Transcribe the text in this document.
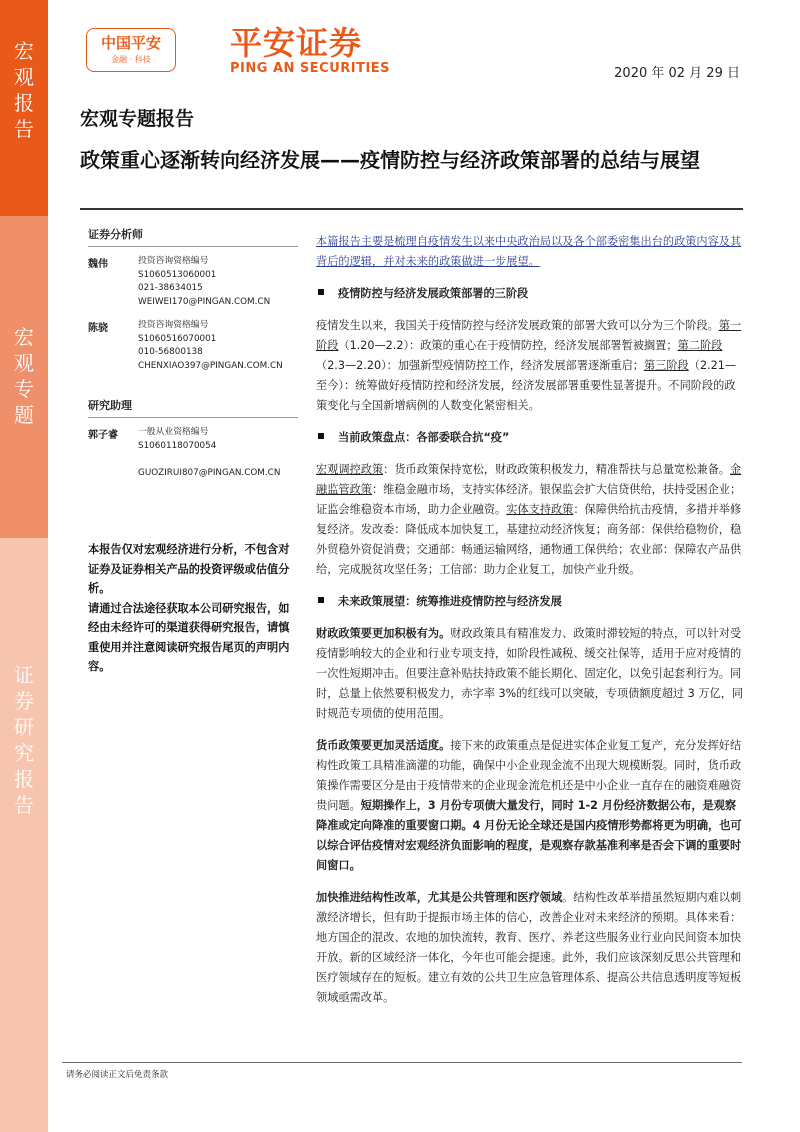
宏观报告
宏观专题
证券研究报告
中国平安
金融 · 科技	平安证券
PING AN SECURITIES	2020 年 02 月 29 日
宏观专题报告
政策重心逐渐转向经济发展——疫情防控与经济政策部署的总结与展望
证券分析师
魏伟	投资咨询资格编号
S1060513060001
021-38634015
WEIWEI170@PINGAN.COM.CN
陈骁	投资咨询资格编号
S1060516070001
010-56800138
CHENXIAO397@PINGAN.COM.CN
研究助理
郭子睿	一般从业资格编号
S1060118070054
GUOZIRUI807@PINGAN.COM.CN
本报告仅对宏观经济进行分析，不包含对证券及证券相关产品的投资评级或估值分析。
请通过合法途径获取本公司研究报告，如经由未经许可的渠道获得研究报告，请慎重使用并注意阅读研究报告尾页的声明内容。

本篇报告主要是梳理自疫情发生以来中央政治局以及各个部委密集出台的政策内容及其背后的逻辑，并对未来的政策做进一步展望。

疫情防控与经济发展政策部署的三阶段

疫情发生以来，我国关于疫情防控与经济发展政策的部署大致可以分为三个阶段。第一阶段（1.20—2.2）：政策的重心在于疫情防控，经济发展部署暂被搁置；第二阶段（2.3—2.20）：加强新型疫情防控工作，经济发展部署逐渐重启；第三阶段（2.21—至今）：统筹做好疫情防控和经济发展，经济发展部署重要性显著提升。不同阶段的政策变化与全国新增病例的人数变化紧密相关。

当前政策盘点：各部委联合抗“疫”

宏观调控政策：货币政策保持宽松，财政政策积极发力，精准帮扶与总量宽松兼备。金融监管政策：维稳金融市场，支持实体经济。银保监会扩大信贷供给，扶持受困企业；证监会维稳资本市场，助力企业融资。实体支持政策：保障供给抗击疫情，多措并举修复经济。发改委：降低成本加快复工，基建拉动经济恢复；商务部：保供给稳物价，稳外贸稳外资促消费；交通部：畅通运输网络，通物通工保供给；农业部：保障农产品供给，完成脱贫攻坚任务；工信部：助力企业复工，加快产业升级。

未来政策展望：统筹推进疫情防控与经济发展

财政政策要更加积极有为。财政政策具有精准发力、政策时滞较短的特点，可以针对受疫情影响较大的企业和行业专项支持，如阶段性减税、缓交社保等，适用于应对疫情的一次性短期冲击。但要注意补贴扶持政策不能长期化、固定化，以免引起套利行为。同时，总量上依然要积极发力，赤字率 3%的红线可以突破，专项债额度超过 3 万亿，同时规范专项债的使用范围。

货币政策要更加灵活适度。接下来的政策重点是促进实体企业复工复产，充分发挥好结构性政策工具精准滴灌的功能，确保中小企业现金流不出现大规模断裂。同时，货币政策操作需要区分是由于疫情带来的企业现金流危机还是中小企业一直存在的融资难融资贵问题。短期操作上，3 月份专项债大量发行，同时 1-2 月份经济数据公布，是观察降准或定向降准的重要窗口期。4 月份无论全球还是国内疫情形势都将更为明确，也可以综合评估疫情对宏观经济负面影响的程度，是观察存款基准利率是否会下调的重要时间窗口。

加快推进结构性改革，尤其是公共管理和医疗领域。结构性改革举措虽然短期内难以刺激经济增长，但有助于提振市场主体的信心，改善企业对未来经济的预期。具体来看：地方国企的混改、农地的加快流转，教育、医疗、养老这些服务业行业向民间资本加快开放。新的区域经济一体化，今年也可能会提速。此外，我们应该深刻反思公共管理和医疗领域存在的短板。建立有效的公共卫生应急管理体系、提高公共信息透明度等短板领域亟需改革。

请务必阅读正文后免责条款
